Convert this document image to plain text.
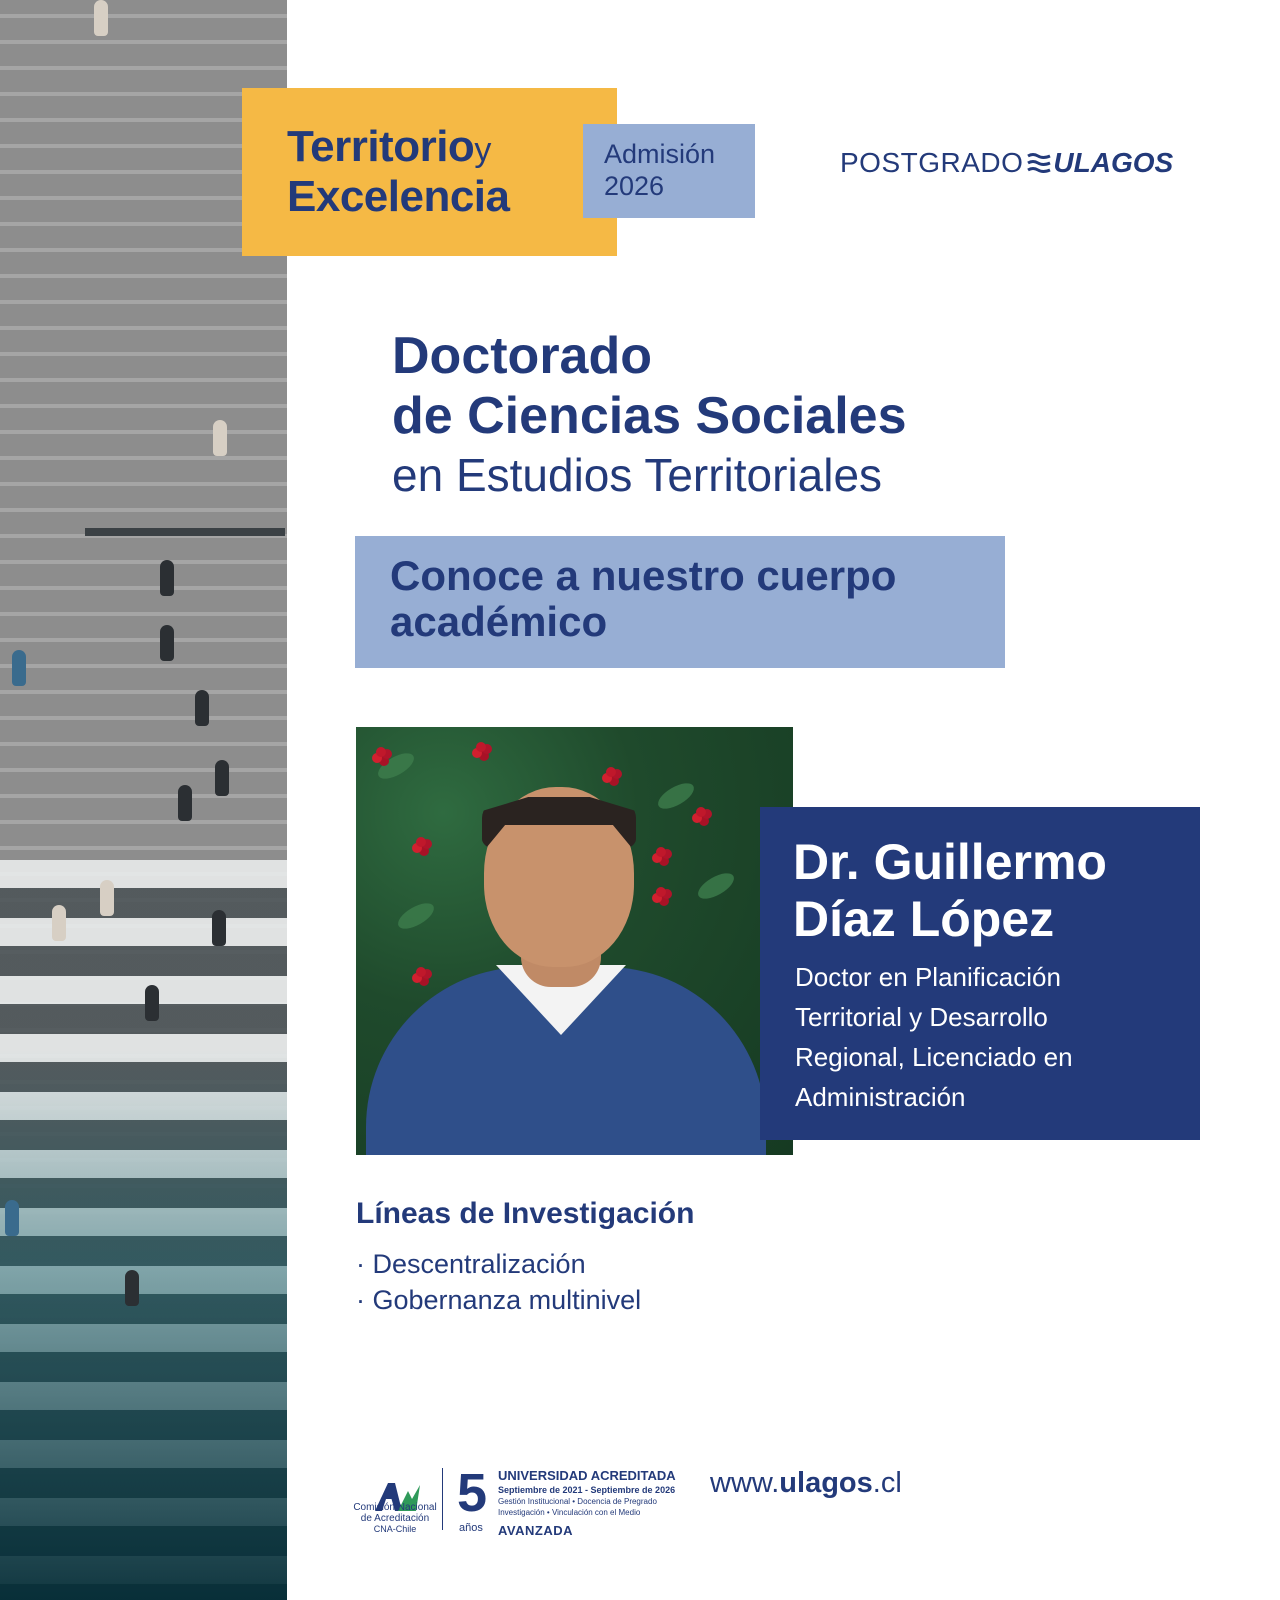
Territorioy
Excelencia
Admisión
2026
POSTGRADO ULAGOS
Doctorado
de Ciencias Sociales
en Estudios Territoriales
Conoce a nuestro cuerpo
académico
Dr. Guillermo
Díaz López
Doctor en Planificación
Territorial y Desarrollo
Regional, Licenciado en
Administración
Líneas de Investigación
· Descentralización
· Gobernanza multinivel
Comisión Nacional
de Acreditación
CNA-Chile
5
años
UNIVERSIDAD ACREDITADA
Septiembre de 2021 - Septiembre de 2026
Gestión Institucional • Docencia de Pregrado
Investigación • Vinculación con el Medio
AVANZADA
www.ulagos.cl
